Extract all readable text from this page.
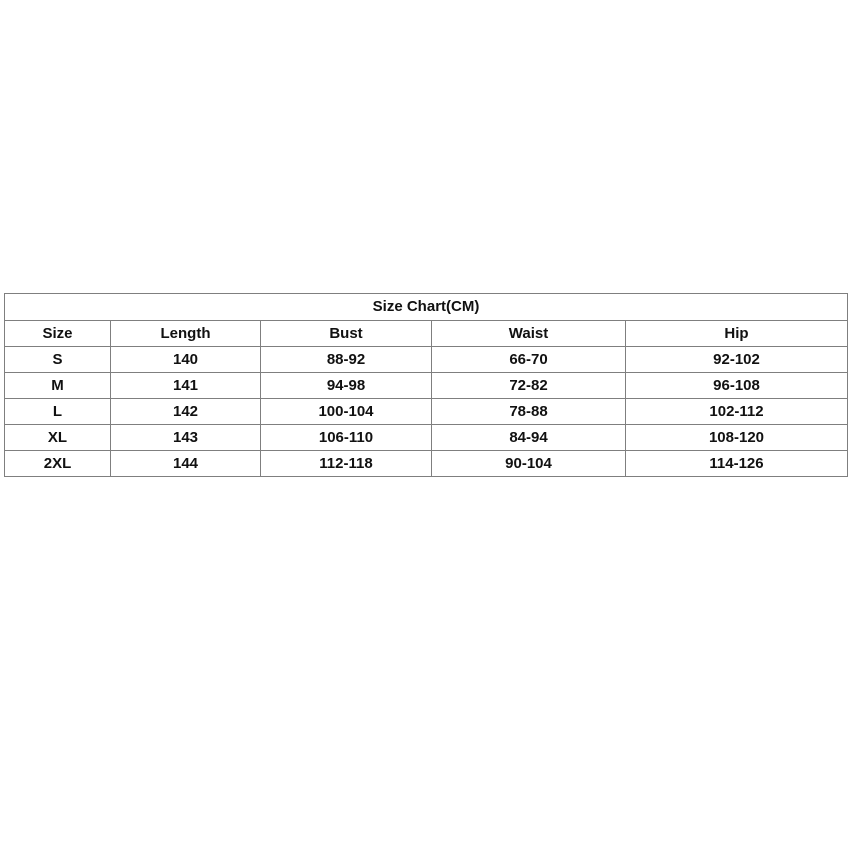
Size Chart(CM)				
Size	Length	Bust	Waist	Hip
S	140	88-92	66-70	92-102
M	141	94-98	72-82	96-108
L	142	100-104	78-88	102-112
XL	143	106-110	84-94	108-120
2XL	144	112-118	90-104	114-126
